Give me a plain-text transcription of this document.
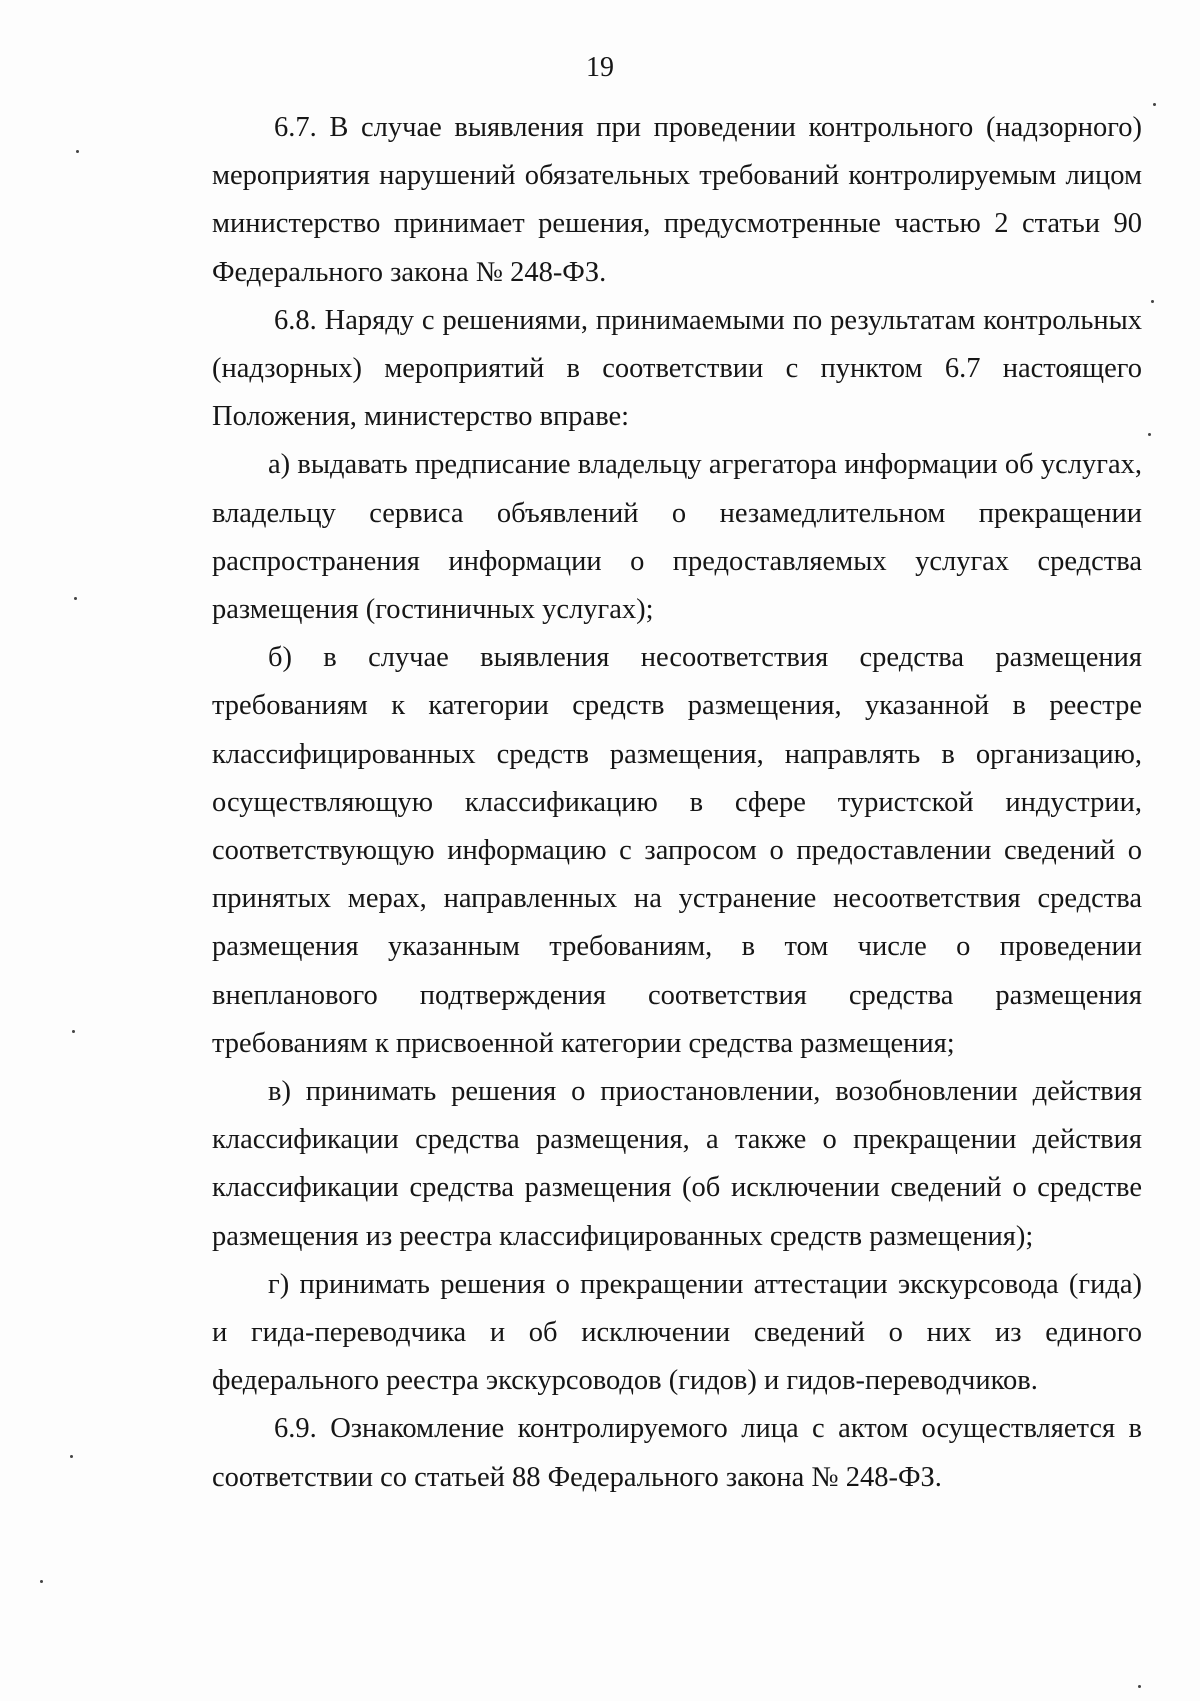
19

6.7. В случае выявления при проведении контрольного (надзорного) мероприятия нарушений обязательных требований контролируемым лицом министерство принимает решения, предусмотренные частью 2 статьи 90 Федерального закона № 248-ФЗ.

6.8. Наряду с решениями, принимаемыми по результатам контрольных (надзорных) мероприятий в соответствии с пунктом 6.7 настоящего Положения, министерство вправе:

а) выдавать предписание владельцу агрегатора информации об услугах, владельцу сервиса объявлений о незамедлительном прекращении распространения информации о предоставляемых услугах средства размещения (гостиничных услугах);

б) в случае выявления несоответствия средства размещения требованиям к категории средств размещения, указанной в реестре классифицированных средств размещения, направлять в организацию, осуществляющую классификацию в сфере туристской индустрии, соответствующую информацию с запросом о предоставлении сведений о принятых мерах, направленных на устранение несоответствия средства размещения указанным требованиям, в том числе о проведении внепланового подтверждения соответствия средства размещения требованиям к присвоенной категории средства размещения;

в) принимать решения о приостановлении, возобновлении действия классификации средства размещения, а также о прекращении действия классификации средства размещения (об исключении сведений о средстве размещения из реестра классифицированных средств размещения);

г) принимать решения о прекращении аттестации экскурсовода (гида) и гида-переводчика и об исключении сведений о них из единого федерального реестра экскурсоводов (гидов) и гидов-переводчиков.

6.9. Ознакомление контролируемого лица с актом осуществляется в соответствии со статьей 88 Федерального закона № 248-ФЗ.
